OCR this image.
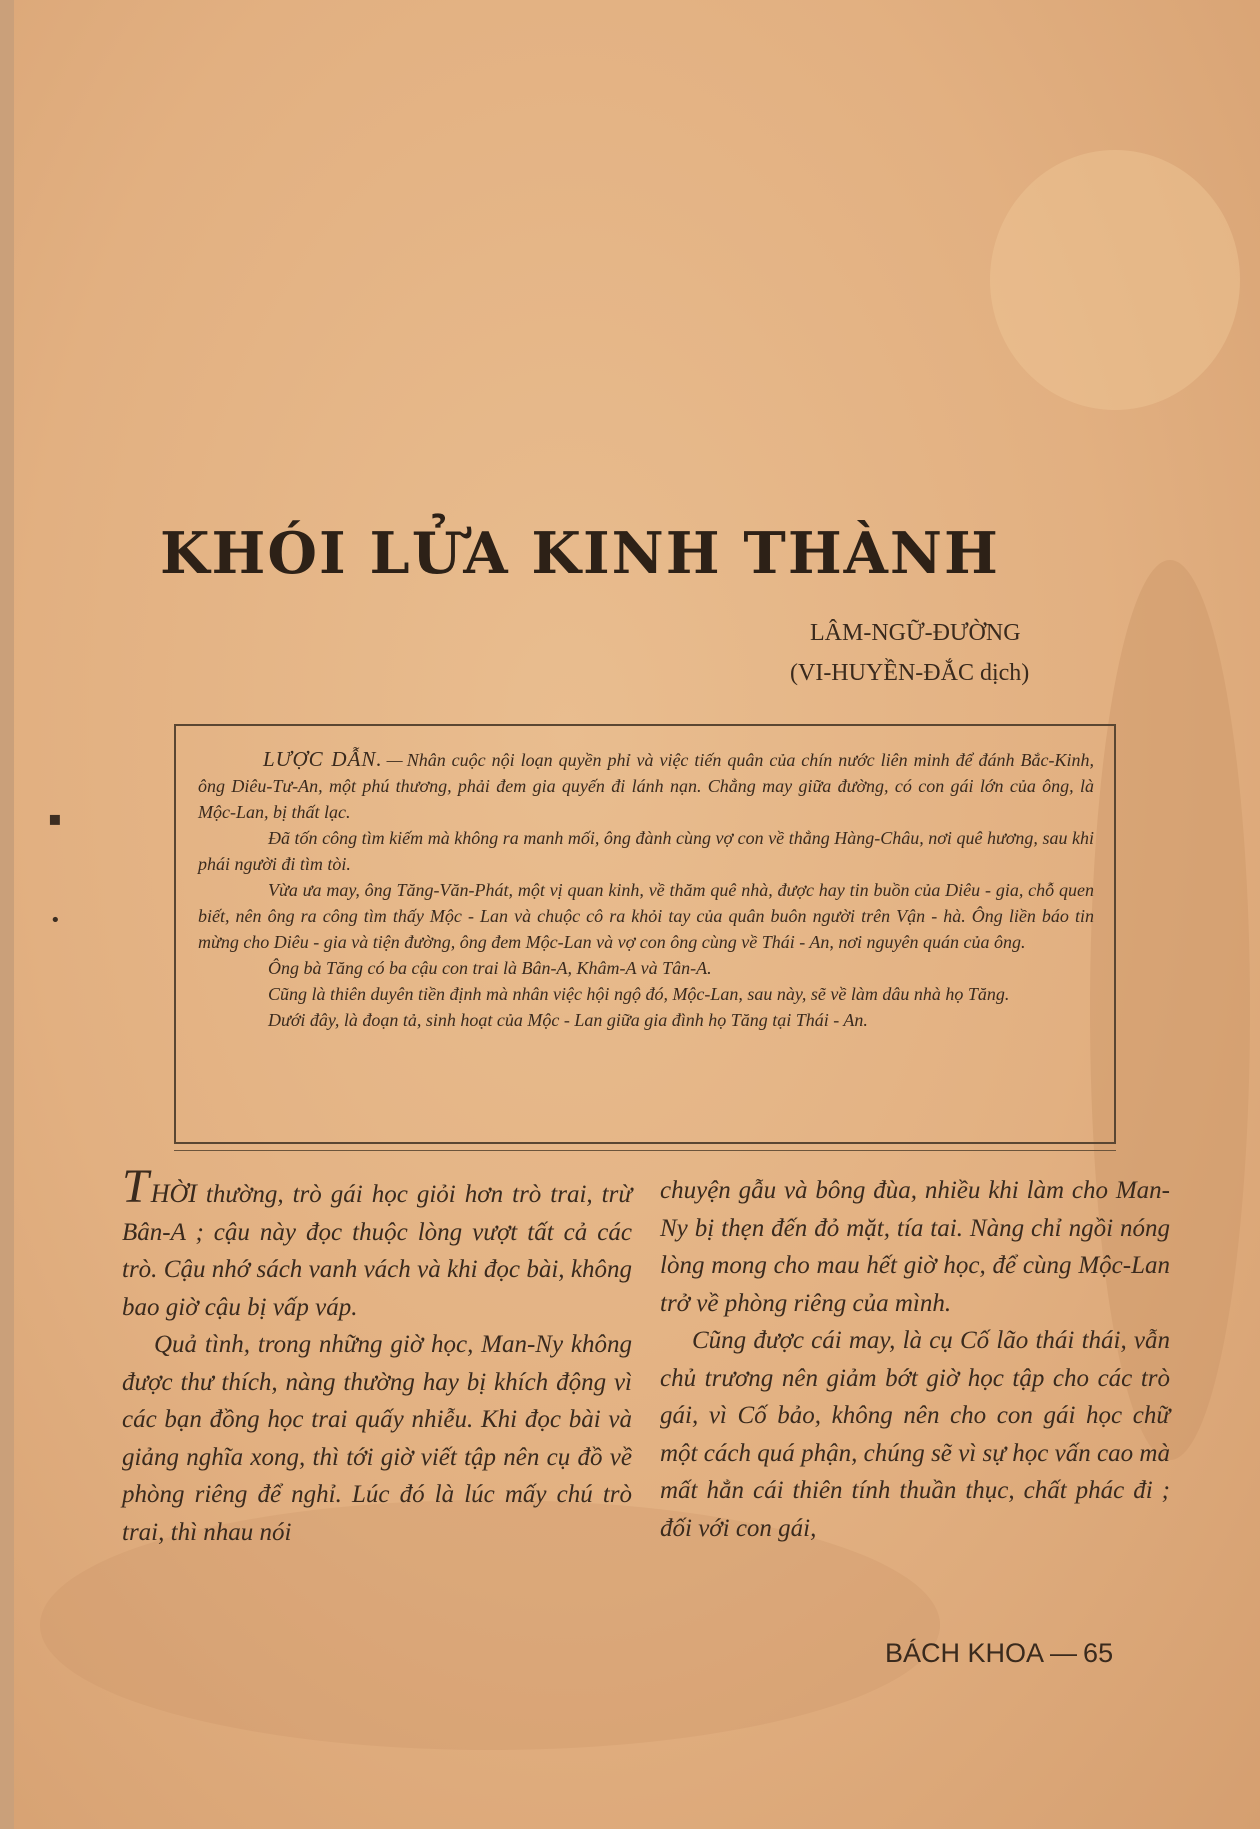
▪
•
KHÓI LỬA KINH THÀNH
LÂM-NGỮ-ĐƯỜNG
(VI-HUYỀN-ĐẮC dịch)

LƯỢC DẪN. — Nhân cuộc nội loạn quyền phỉ và việc tiến quân của chín nước liên minh để đánh Bắc-Kinh, ông Diêu-Tư-An, một phú thương, phải đem gia quyến đi lánh nạn. Chẳng may giữa đường, có con gái lớn của ông, là Mộc-Lan, bị thất lạc.

Đã tốn công tìm kiếm mà không ra manh mối, ông đành cùng vợ con về thẳng Hàng-Châu, nơi quê hương, sau khi phái người đi tìm tòi.

Vừa ưa may, ông Tăng-Văn-Phát, một vị quan kinh, về thăm quê nhà, được hay tin buồn của Diêu - gia, chỗ quen biết, nên ông ra công tìm thấy Mộc - Lan và chuộc cô ra khỏi tay của quân buôn người trên Vận - hà. Ông liền báo tin mừng cho Diêu - gia và tiện đường, ông đem Mộc-Lan và vợ con ông cùng về Thái - An, nơi nguyên quán của ông.

Ông bà Tăng có ba cậu con trai là Bân-A, Khâm-A và Tân-A.

Cũng là thiên duyên tiền định mà nhân việc hội ngộ đó, Mộc-Lan, sau này, sẽ về làm dâu nhà họ Tăng.

Dưới đây, là đoạn tả, sinh hoạt của Mộc - Lan giữa gia đình họ Tăng tại Thái - An.

THỜI thường, trò gái học giỏi hơn trò trai, trừ Bân-A ; cậu này đọc thuộc lòng vượt tất cả các trò. Cậu nhớ sách vanh vách và khi đọc bài, không bao giờ cậu bị vấp váp.

Quả tình, trong những giờ học, Man-Ny không được thư thích, nàng thường hay bị khích động vì các bạn đồng học trai quấy nhiễu. Khi đọc bài và giảng nghĩa xong, thì tới giờ viết tập nên cụ đồ về phòng riêng để nghỉ. Lúc đó là lúc mấy chú trò trai, thì nhau nói

chuyện gẫu và bông đùa, nhiều khi làm cho Man-Ny bị thẹn đến đỏ mặt, tía tai. Nàng chỉ ngồi nóng lòng mong cho mau hết giờ học, để cùng Mộc-Lan trở về phòng riêng của mình.

Cũng được cái may, là cụ Cố lão thái thái, vẫn chủ trương nên giảm bớt giờ học tập cho các trò gái, vì Cố bảo, không nên cho con gái học chữ một cách quá phận, chúng sẽ vì sự học vấn cao mà mất hẳn cái thiên tính thuần thục, chất phác đi ; đối với con gái,

BÁCH KHOA — 65
